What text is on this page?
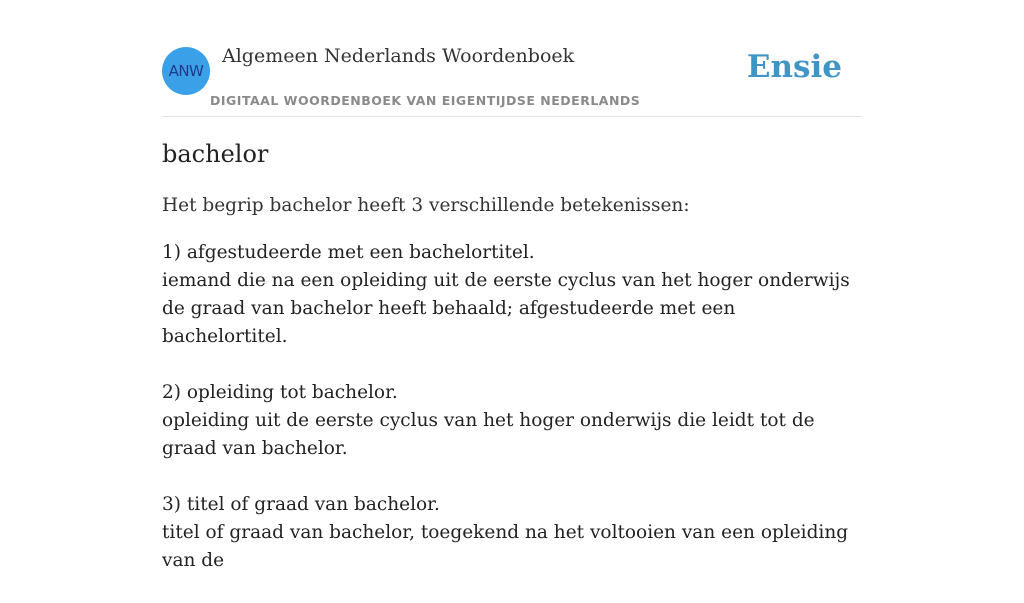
ANW
Algemeen Nederlands Woordenboek
DIGITAAL WOORDENBOEK VAN EIGENTIJDSE NEDERLANDS
Ensie
bachelor

Het begrip bachelor heeft 3 verschillende betekenissen:

1) afgestudeerde met een bachelortitel.
iemand die na een opleiding uit de eerste cyclus van het hoger onderwijs de graad van bachelor heeft behaald; afgestudeerde met een bachelortitel.
2) opleiding tot bachelor.
opleiding uit de eerste cyclus van het hoger onderwijs die leidt tot de graad van bachelor.
3) titel of graad van bachelor.
titel of graad van bachelor, toegekend na het voltooien van een opleiding van de
